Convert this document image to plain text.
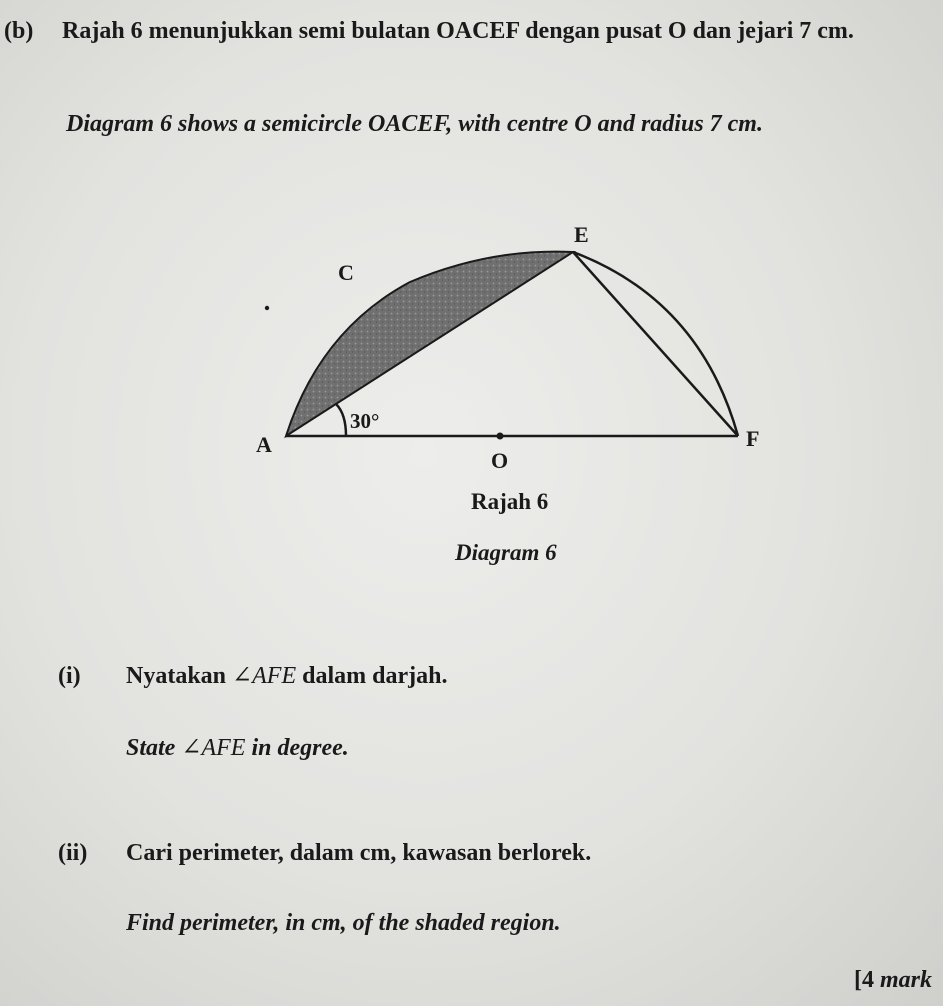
(b) Rajah 6 menunjukkan semi bulatan OACEF dengan pusat O dan jejari 7 cm.
Diagram 6 shows a semicircle OACEF, with centre O and radius 7 cm.
E
C
A
O
F
30°
Rajah 6
Diagram 6
(i) Nyatakan ∠AFE dalam darjah.
State ∠AFE in degree.
(ii) Cari perimeter, dalam cm, kawasan berlorek.
Find perimeter, in cm, of the shaded region.
[4 mark
